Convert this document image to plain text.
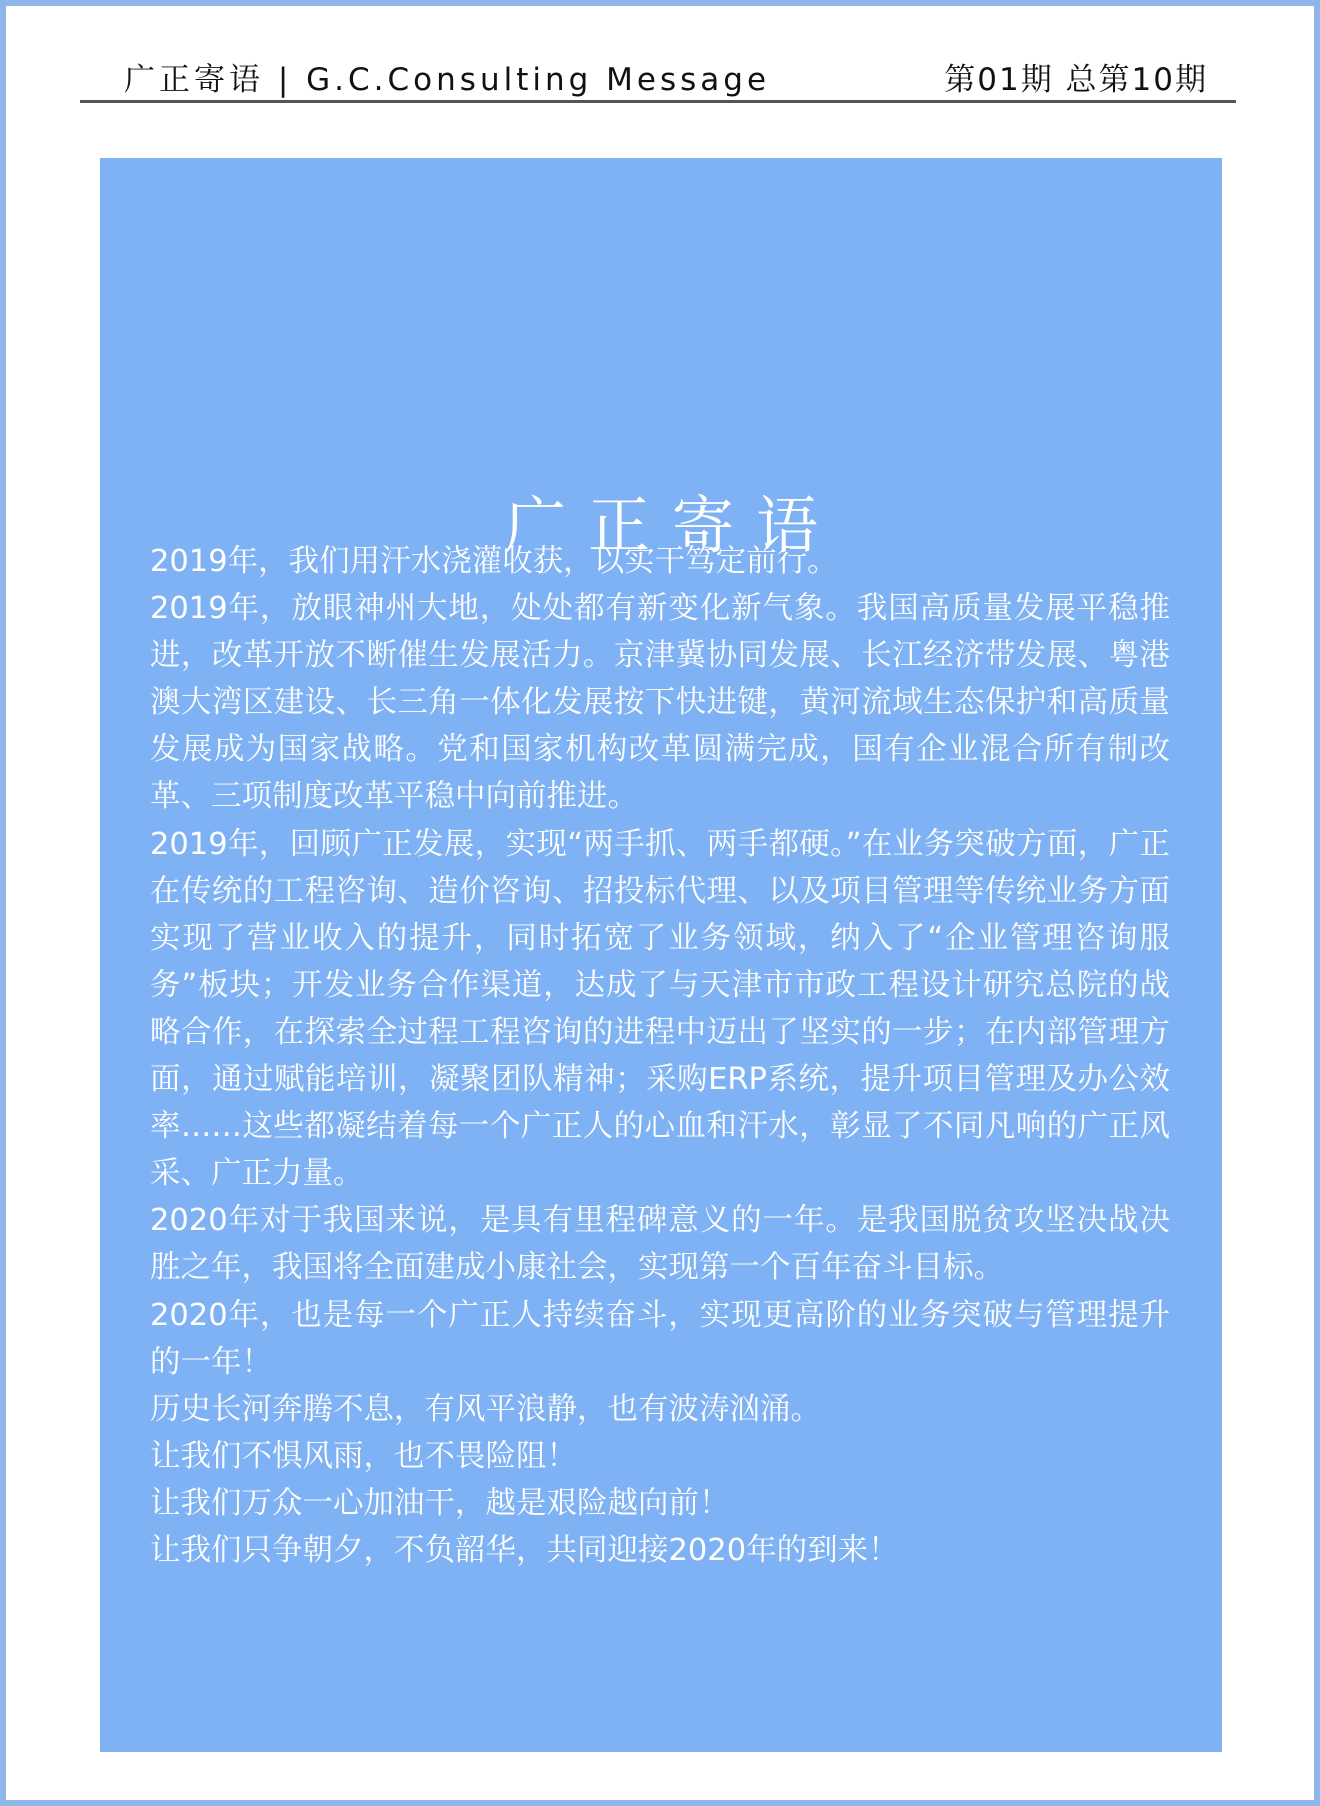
广正寄语 | G.C.Consulting Message	第01期 总第10期
广正寄语

2019年，我们用汗水浇灌收获，以实干笃定前行。

2019年，放眼神州大地，处处都有新变化新气象。我国高质量发展平稳推进，改革开放不断催生发展活力。京津冀协同发展、长江经济带发展、粤港澳大湾区建设、长三角一体化发展按下快进键，黄河流域生态保护和高质量发展成为国家战略。党和国家机构改革圆满完成，国有企业混合所有制改革、三项制度改革平稳中向前推进。

2019年，回顾广正发展，实现“两手抓、两手都硬。”在业务突破方面，广正在传统的工程咨询、造价咨询、招投标代理、以及项目管理等传统业务方面实现了营业收入的提升，同时拓宽了业务领域，纳入了“企业管理咨询服务”板块；开发业务合作渠道，达成了与天津市市政工程设计研究总院的战略合作，在探索全过程工程咨询的进程中迈出了坚实的一步；在内部管理方面，通过赋能培训，凝聚团队精神；采购ERP系统，提升项目管理及办公效率……这些都凝结着每一个广正人的心血和汗水，彰显了不同凡响的广正风采、广正力量。

2020年对于我国来说，是具有里程碑意义的一年。是我国脱贫攻坚决战决胜之年，我国将全面建成小康社会，实现第一个百年奋斗目标。

2020年，也是每一个广正人持续奋斗，实现更高阶的业务突破与管理提升的一年！

历史长河奔腾不息，有风平浪静，也有波涛汹涌。

让我们不惧风雨，也不畏险阻！

让我们万众一心加油干，越是艰险越向前！

让我们只争朝夕，不负韶华，共同迎接2020年的到来！
